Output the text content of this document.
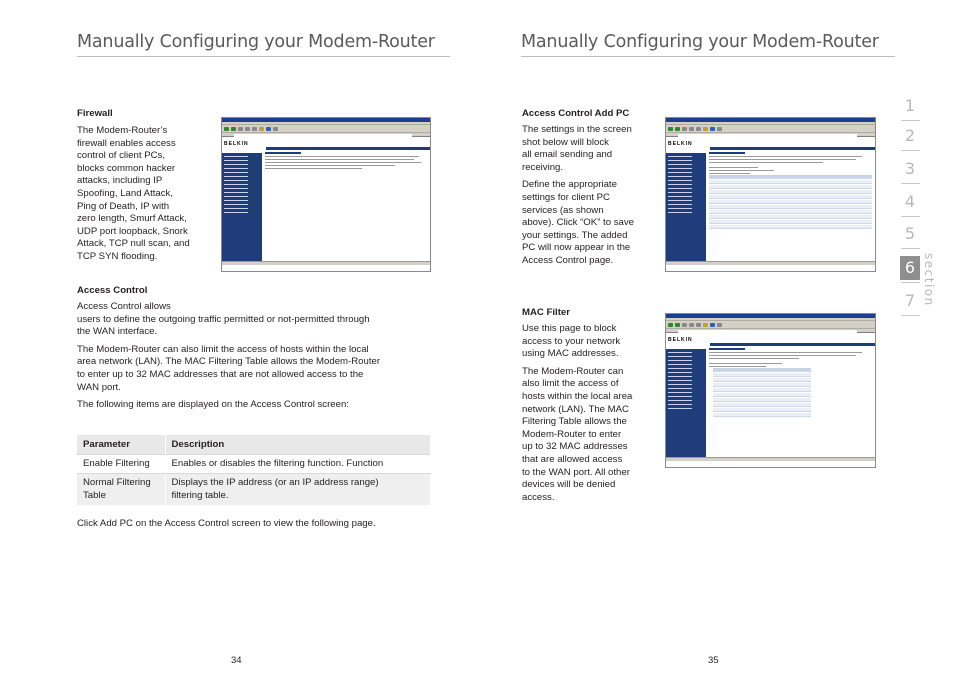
Manually Configuring your Modem-Router
Firewall
The Modem-Router’s
firewall enables access
control of client PCs,
blocks common hacker
attacks, including IP
Spoofing, Land Attack,
Ping of Death, IP with
zero length, Smurf Attack,
UDP port loopback, Snork
Attack, TCP null scan, and
TCP SYN flooding.
BELKIN
Access Control

Access Control allows
users to define the outgoing traffic permitted or not-permitted through
the WAN interface.

The Modem-Router can also limit the access of hosts within the local
area network (LAN). The MAC Filtering Table allows the Modem-Router
to enter up to 32 MAC addresses that are not allowed access to the
WAN port.

The following items are displayed on the Access Control screen:

Parameter	Description
Enable Filtering	Enables or disables the filtering function. Function

Normal Filtering
Table	Displays the IP address (or an IP address range)
filtering table.
Click Add PC on the Access Control screen to view the following page.
34
Manually Configuring your Modem-Router
Access Control Add PC

The settings in the screen
shot below will block
all email sending and
receiving.

Define the appropriate
settings for client PC
services (as shown
above). Click “OK” to save
your settings. The added
PC will now appear in the
Access Control page.

BELKIN
MAC Filter

Use this page to block
access to your network
using MAC addresses.

The Modem-Router can
also limit the access of
hosts within the local area
network (LAN). The MAC
Filtering Table allows the
Modem-Router to enter
up to 32 MAC addresses
that are allowed access
to the WAN port. All other
devices will be denied
access.

BELKIN
35
1
2
3
4
5
6
7 section
